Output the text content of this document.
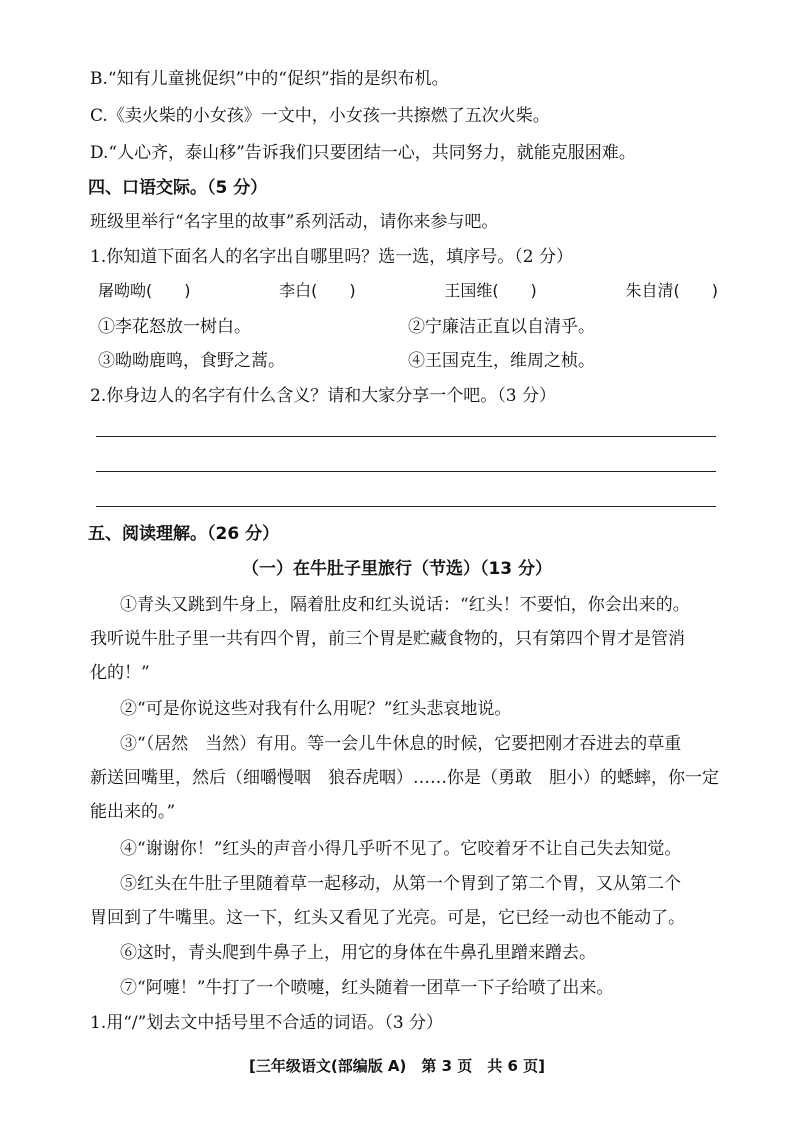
B.“知有儿童挑促织”中的“促织”指的是织布机。
C.《卖火柴的小女孩》一文中，小女孩一共擦燃了五次火柴。
D.“人心齐，泰山移”告诉我们只要团结一心，共同努力，就能克服困难。
四、口语交际。（5 分）
班级里举行“名字里的故事”系列活动，请你来参与吧。
1.你知道下面名人的名字出自哪里吗？选一选，填序号。（2 分）
屠呦呦(　　)	李白(　　)	王国维(　　)	朱自清(　　)
①李花怒放一树白。	②宁廉洁正直以自清乎。
③呦呦鹿鸣，食野之蒿。	④王国克生，维周之桢。
2.你身边人的名字有什么含义？请和大家分享一个吧。（3 分）
五、阅读理解。（26 分）
（一）在牛肚子里旅行（节选）（13 分）
①青头又跳到牛身上，隔着肚皮和红头说话：“红头！不要怕，你会出来的。
我听说牛肚子里一共有四个胃，前三个胃是贮藏食物的，只有第四个胃才是管消
化的！”
②“可是你说这些对我有什么用呢？”红头悲哀地说。
③“（居然　当然）有用。等一会儿牛休息的时候，它要把刚才吞进去的草重
新送回嘴里，然后（细嚼慢咽　狼吞虎咽）……你是（勇敢　胆小）的蟋蟀，你一定
能出来的。”
④“谢谢你！”红头的声音小得几乎听不见了。它咬着牙不让自己失去知觉。
⑤红头在牛肚子里随着草一起移动，从第一个胃到了第二个胃，又从第二个
胃回到了牛嘴里。这一下，红头又看见了光亮。可是，它已经一动也不能动了。
⑥这时，青头爬到牛鼻子上，用它的身体在牛鼻孔里蹭来蹭去。
⑦“阿嚏！”牛打了一个喷嚏，红头随着一团草一下子给喷了出来。
1.用“/”划去文中括号里不合适的词语。（3 分）
[三年级语文(部编版 A)　第 3 页　共 6 页]
